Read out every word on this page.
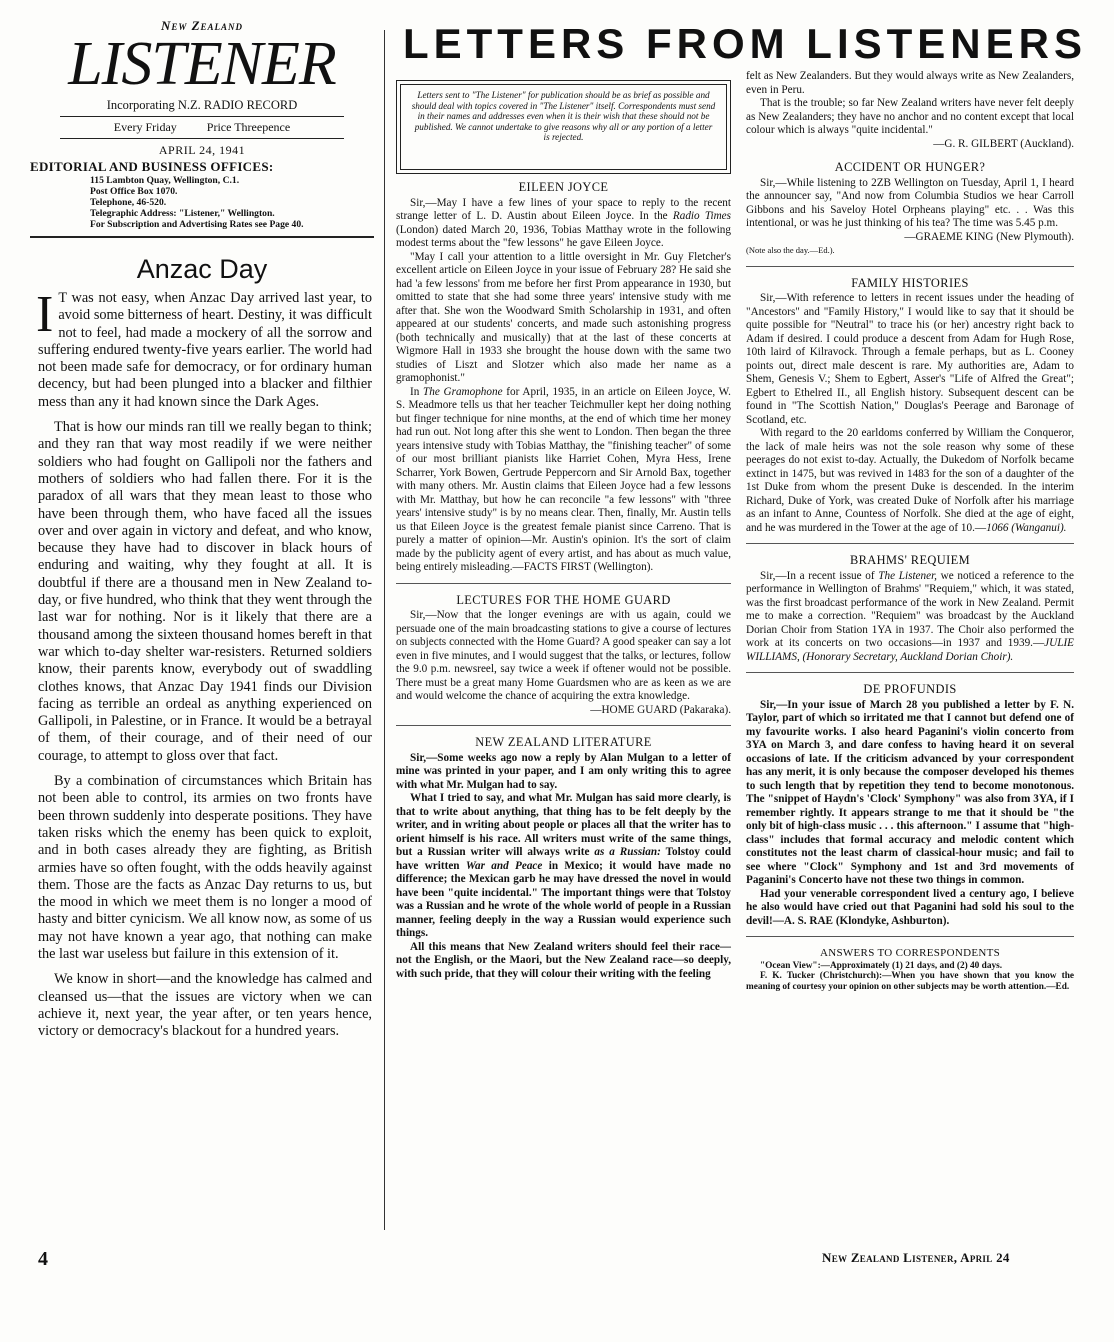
New Zealand
LISTENER
Incorporating N.Z. RADIO RECORD
Every Friday	Price Threepence
APRIL 24, 1941
EDITORIAL AND BUSINESS OFFICES:
115 Lambton Quay, Wellington, C.1.
Post Office Box 1070.
Telephone, 46-520.
Telegraphic Address: "Listener," Wellington.
For Subscription and Advertising Rates see Page 40.
Anzac Day

I T was not easy, when Anzac Day arrived last year, to avoid some bitterness of heart. Destiny, it was difficult not to feel, had made a mockery of all the sorrow and suffering endured twenty-five years earlier. The world had not been made safe for democracy, or for ordinary human decency, but had been plunged into a blacker and filthier mess than any it had known since the Dark Ages.

That is how our minds ran till we really began to think; and they ran that way most readily if we were neither soldiers who had fought on Gallipoli nor the fathers and mothers of soldiers who had fallen there. For it is the paradox of all wars that they mean least to those who have been through them, who have faced all the issues over and over again in victory and defeat, and who know, because they have had to discover in black hours of enduring and waiting, why they fought at all. It is doubtful if there are a thousand men in New Zealand to-day, or five hundred, who think that they went through the last war for nothing. Nor is it likely that there are a thousand among the sixteen thousand homes bereft in that war which to-day shelter war-resisters. Returned soldiers know, their parents know, everybody out of swaddling clothes knows, that Anzac Day 1941 finds our Division facing as terrible an ordeal as anything experienced on Gallipoli, in Palestine, or in France. It would be a betrayal of them, of their courage, and of their need of our courage, to attempt to gloss over that fact.

By a combination of circumstances which Britain has not been able to control, its armies on two fronts have been thrown suddenly into desperate positions. They have taken risks which the enemy has been quick to exploit, and in both cases already they are fighting, as British armies have so often fought, with the odds heavily against them. Those are the facts as Anzac Day returns to us, but the mood in which we meet them is no longer a mood of hasty and bitter cynicism. We all know now, as some of us may not have known a year ago, that nothing can make the last war useless but failure in this extension of it.

We know in short—and the knowledge has calmed and cleansed us—that the issues are victory when we can achieve it, next year, the year after, or ten years hence, victory or democracy's blackout for a hundred years.

LETTERS FROM LISTENERS
Letters sent to "The Listener" for publication should be as brief as possible and should deal with topics covered in "The Listener" itself. Correspondents must send in their names and addresses even when it is their wish that these should not be published. We cannot undertake to give reasons why all or any portion of a letter is rejected.
EILEEN JOYCE

Sir,—May I have a few lines of your space to reply to the recent strange letter of L. D. Austin about Eileen Joyce. In the Radio Times (London) dated March 20, 1936, Tobias Matthay wrote in the following modest terms about the "few lessons" he gave Eileen Joyce.

"May I call your attention to a little oversight in Mr. Guy Fletcher's excellent article on Eileen Joyce in your issue of February 28? He said she had 'a few lessons' from me before her first Prom appearance in 1930, but omitted to state that she had some three years' intensive study with me after that. She won the Woodward Smith Scholarship in 1931, and often appeared at our students' concerts, and made such astonishing progress (both technically and musically) that at the last of these concerts at Wigmore Hall in 1933 she brought the house down with the same two studies of Liszt and Slotzer which also made her name as a gramophonist."

In The Gramophone for April, 1935, in an article on Eileen Joyce, W. S. Meadmore tells us that her teacher Teichmuller kept her doing nothing but finger technique for nine months, at the end of which time her money had run out. Not long after this she went to London. Then began the three years intensive study with Tobias Matthay, the "finishing teacher" of some of our most brilliant pianists like Harriet Cohen, Myra Hess, Irene Scharrer, York Bowen, Gertrude Peppercorn and Sir Arnold Bax, together with many others. Mr. Austin claims that Eileen Joyce had a few lessons with Mr. Matthay, but how he can reconcile "a few lessons" with "three years' intensive study" is by no means clear. Then, finally, Mr. Austin tells us that Eileen Joyce is the greatest female pianist since Carreno. That is purely a matter of opinion—Mr. Austin's opinion. It's the sort of claim made by the publicity agent of every artist, and has about as much value, being entirely misleading.—FACTS FIRST (Wellington).

LECTURES FOR THE HOME GUARD

Sir,—Now that the longer evenings are with us again, could we persuade one of the main broadcasting stations to give a course of lectures on subjects connected with the Home Guard? A good speaker can say a lot even in five minutes, and I would suggest that the talks, or lectures, follow the 9.0 p.m. newsreel, say twice a week if oftener would not be possible. There must be a great many Home Guardsmen who are as keen as we are and would welcome the chance of acquiring the extra knowledge.

—HOME GUARD (Pakaraka).

NEW ZEALAND LITERATURE

Sir,—Some weeks ago now a reply by Alan Mulgan to a letter of mine was printed in your paper, and I am only writing this to agree with what Mr. Mulgan had to say.

What I tried to say, and what Mr. Mulgan has said more clearly, is that to write about anything, that thing has to be felt deeply by the writer, and in writing about people or places all that the writer has to orient himself is his race. All writers must write of the same things, but a Russian writer will always write as a Russian: Tolstoy could have written War and Peace in Mexico; it would have made no difference; the Mexican garb he may have dressed the novel in would have been "quite incidental." The important things were that Tolstoy was a Russian and he wrote of the whole world of people in a Russian manner, feeling deeply in the way a Russian would experience such things.

All this means that New Zealand writers should feel their race—not the English, or the Maori, but the New Zealand race—so deeply, with such pride, that they will colour their writing with the feeling

felt as New Zealanders. But they would always write as New Zealanders, even in Peru.

That is the trouble; so far New Zealand writers have never felt deeply as New Zealanders; they have no anchor and no content except that local colour which is always "quite incidental."

—G. R. GILBERT (Auckland).

ACCIDENT OR HUNGER?

Sir,—While listening to 2ZB Wellington on Tuesday, April 1, I heard the announcer say, "And now from Columbia Studios we hear Carroll Gibbons and his Saveloy Hotel Orpheans playing" etc. . . Was this intentional, or was he just thinking of his tea? The time was 5.45 p.m.

—GRAEME KING (New Plymouth).

(Note also the day.—Ed.).

FAMILY HISTORIES

Sir,—With reference to letters in recent issues under the heading of "Ancestors" and "Family History," I would like to say that it should be quite possible for "Neutral" to trace his (or her) ancestry right back to Adam if desired. I could produce a descent from Adam for Hugh Rose, 10th laird of Kilravock. Through a female perhaps, but as L. Cooney points out, direct male descent is rare. My authorities are, Adam to Shem, Genesis V.; Shem to Egbert, Asser's "Life of Alfred the Great"; Egbert to Ethelred II., all English history. Subsequent descent can be found in "The Scottish Nation," Douglas's Peerage and Baronage of Scotland, etc.

With regard to the 20 earldoms conferred by William the Conqueror, the lack of male heirs was not the sole reason why some of these peerages do not exist to-day. Actually, the Dukedom of Norfolk became extinct in 1475, but was revived in 1483 for the son of a daughter of the 1st Duke from whom the present Duke is descended. In the interim Richard, Duke of York, was created Duke of Norfolk after his marriage as an infant to Anne, Countess of Norfolk. She died at the age of eight, and he was murdered in the Tower at the age of 10.—1066 (Wanganui).

BRAHMS' REQUIEM

Sir,—In a recent issue of The Listener, we noticed a reference to the performance in Wellington of Brahms' "Requiem," which, it was stated, was the first broadcast performance of the work in New Zealand. Permit me to make a correction. "Requiem" was broadcast by the Auckland Dorian Choir from Station 1YA in 1937. The Choir also performed the work at its concerts on two occasions—in 1937 and 1939.—JULIE WILLIAMS, (Honorary Secretary, Auckland Dorian Choir).

DE PROFUNDIS

Sir,—In your issue of March 28 you published a letter by F. N. Taylor, part of which so irritated me that I cannot but defend one of my favourite works. I also heard Paganini's violin concerto from 3YA on March 3, and dare confess to having heard it on several occasions of late. If the criticism advanced by your correspondent has any merit, it is only because the composer developed his themes to such length that by repetition they tend to become monotonous. The "snippet of Haydn's 'Clock' Symphony" was also from 3YA, if I remember rightly. It appears strange to me that it should be "the only bit of high-class music . . . this afternoon." I assume that "high-class" includes that formal accuracy and melodic content which constitutes not the least charm of classical-hour music; and fail to see where "Clock" Symphony and 1st and 3rd movements of Paganini's Concerto have not these two things in common.

Had your venerable correspondent lived a century ago, I believe he also would have cried out that Paganini had sold his soul to the devil!—A. S. RAE (Klondyke, Ashburton).

ANSWERS TO CORRESPONDENTS

"Ocean View":—Approximately (1) 21 days, and (2) 40 days.

F. K. Tucker (Christchurch):—When you have shown that you know the meaning of courtesy your opinion on other subjects may be worth attention.—Ed.

4	New Zealand Listener, April 24
